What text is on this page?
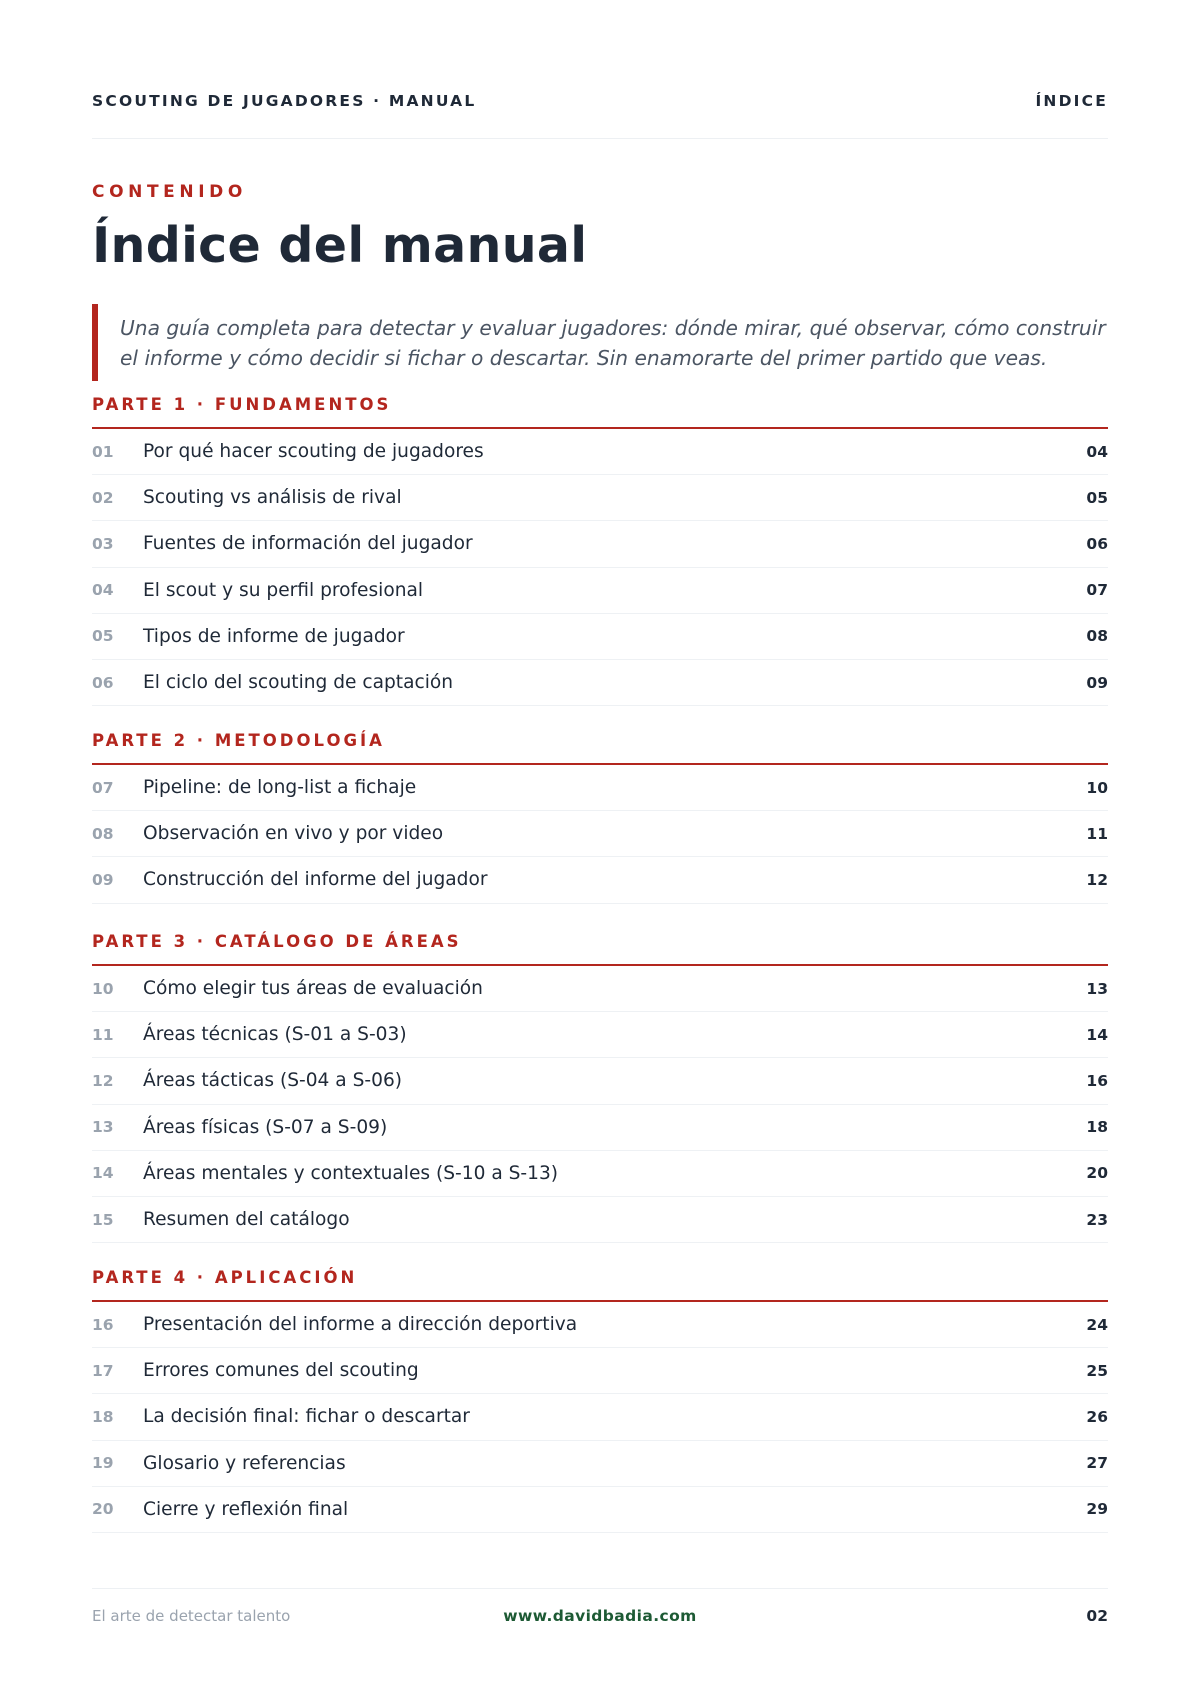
SCOUTING DE JUGADORES · MANUAL	ÍNDICE
CONTENIDO
Índice del manual

Una guía completa para detectar y evaluar jugadores: dónde mirar, qué observar, cómo construir el informe y cómo decidir si fichar o descartar. Sin enamorarte del primer partido que veas.

PARTE 1 · FUNDAMENTOS
01	Por qué hacer scouting de jugadores	04
02	Scouting vs análisis de rival	05
03	Fuentes de información del jugador	06
04	El scout y su perfil profesional	07
05	Tipos de informe de jugador	08
06	El ciclo del scouting de captación	09
PARTE 2 · METODOLOGÍA
07	Pipeline: de long-list a fichaje	10
08	Observación en vivo y por video	11
09	Construcción del informe del jugador	12
PARTE 3 · CATÁLOGO DE ÁREAS
10	Cómo elegir tus áreas de evaluación	13
11	Áreas técnicas (S-01 a S-03)	14
12	Áreas tácticas (S-04 a S-06)	16
13	Áreas físicas (S-07 a S-09)	18
14	Áreas mentales y contextuales (S-10 a S-13)	20
15	Resumen del catálogo	23
PARTE 4 · APLICACIÓN
16	Presentación del informe a dirección deportiva	24
17	Errores comunes del scouting	25
18	La decisión final: fichar o descartar	26
19	Glosario y referencias	27
20	Cierre y reflexión final	29
El arte de detectar talento	www.davidbadia.com	02
